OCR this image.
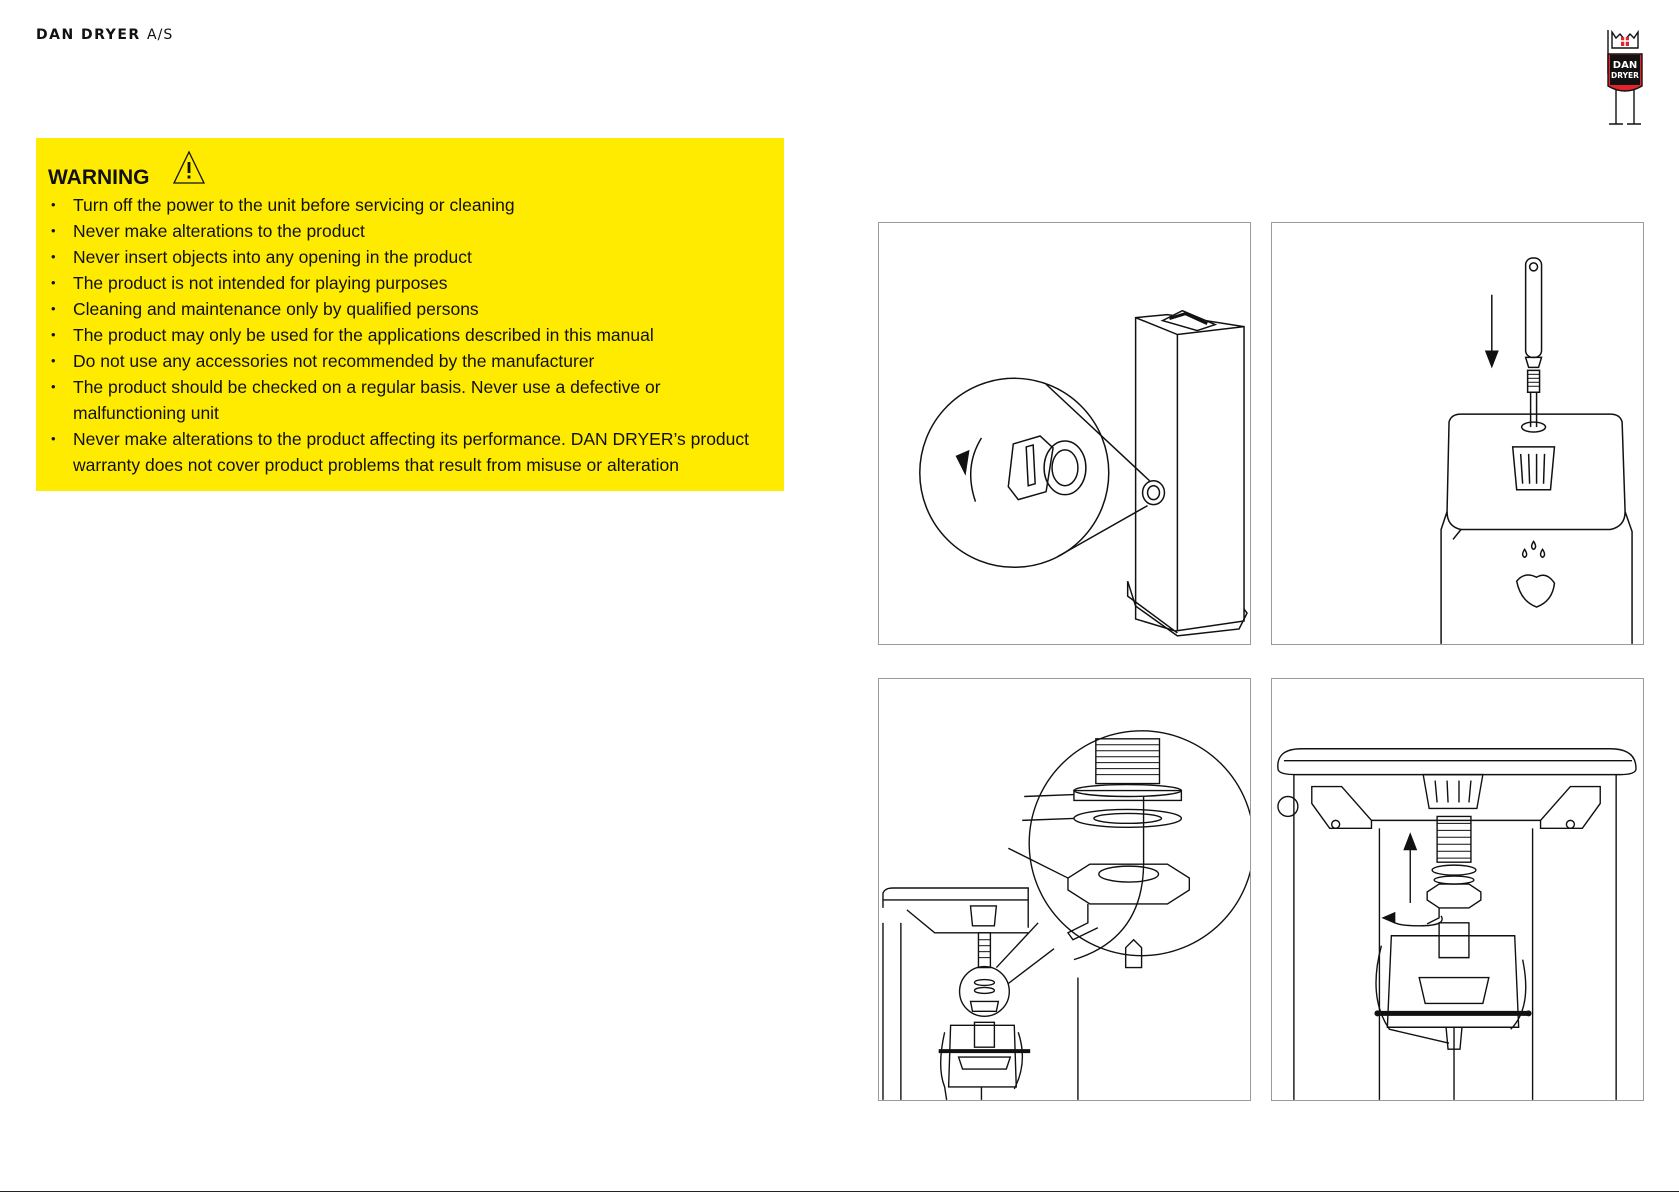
DAN DRYER A/S
DAN
DRYER
WARNING
• Turn off the power to the unit before servicing or cleaning
• Never make alterations to the product
• Never insert objects into any opening in the product
• The product is not intended for playing purposes
• Cleaning and maintenance only by qualified persons
• The product may only be used for the applications described in this manual
• Do not use any accessories not recommended by the manufacturer
• The product should be checked on a regular basis. Never use a defective or malfunctioning unit
• Never make alterations to the product affecting its performance. DAN DRYER’s product warranty does not cover product problems that result from misuse or alteration
